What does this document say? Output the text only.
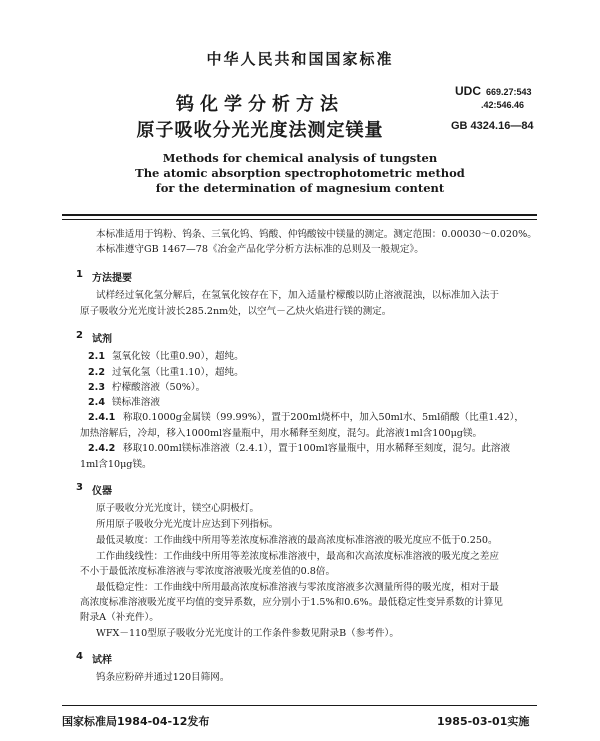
中华人民共和国国家标准

钨化学分析方法

原子吸收分光光度法测定镁量

UDC 669.27:543

.42:546.46

GB 4324.16—84

Methods for chemical analysis of tungsten

The atomic absorption spectrophotometric method

for the determination of magnesium content

本标准适用于钨粉、钨条、三氧化钨、钨酸、仲钨酸铵中镁量的测定。测定范围：0.00030～0.020%。

本标准遵守GB 1467—78《冶金产品化学分析方法标准的总则及一般规定》。

1 方法提要

试样经过氧化氢分解后，在氢氧化铵存在下，加入适量柠檬酸以防止溶液混浊，以标准加入法于

原子吸收分光光度计波长285.2nm处，以空气－乙炔火焰进行镁的测定。

2 试剂

2.1 氢氧化铵（比重0.90），超纯。

2.2 过氧化氢（比重1.10），超纯。

2.3 柠檬酸溶液（50%）。

2.4 镁标准溶液

2.4.1 称取0.1000g金属镁（99.99%），置于200ml烧杯中，加入50ml水、5ml硝酸（比重1.42），

加热溶解后，冷却，移入1000ml容量瓶中，用水稀释至刻度，混匀。此溶液1ml含100μg镁。

2.4.2 移取10.00ml镁标准溶液（2.4.1），置于100ml容量瓶中，用水稀释至刻度，混匀。此溶液

1ml含10μg镁。

3 仪器

原子吸收分光光度计，镁空心阴极灯。

所用原子吸收分光光度计应达到下列指标。

最低灵敏度：工作曲线中所用等差浓度标准溶液的最高浓度标准溶液的吸光度应不低于0.250。

工作曲线线性：工作曲线中所用等差浓度标准溶液中，最高和次高浓度标准溶液的吸光度之差应

不小于最低浓度标准溶液与零浓度溶液吸光度差值的0.8倍。

最低稳定性：工作曲线中所用最高浓度标准溶液与零浓度溶液多次测量所得的吸光度，相对于最

高浓度标准溶液吸光度平均值的变异系数，应分别小于1.5%和0.6%。最低稳定性变异系数的计算见

附录A（补充件）。

WFX－110型原子吸收分光光度计的工作条件参数见附录B（参考件）。

4 试样

钨条应粉碎并通过120目筛网。

国家标准局1984-04-12发布	1985-03-01实施
